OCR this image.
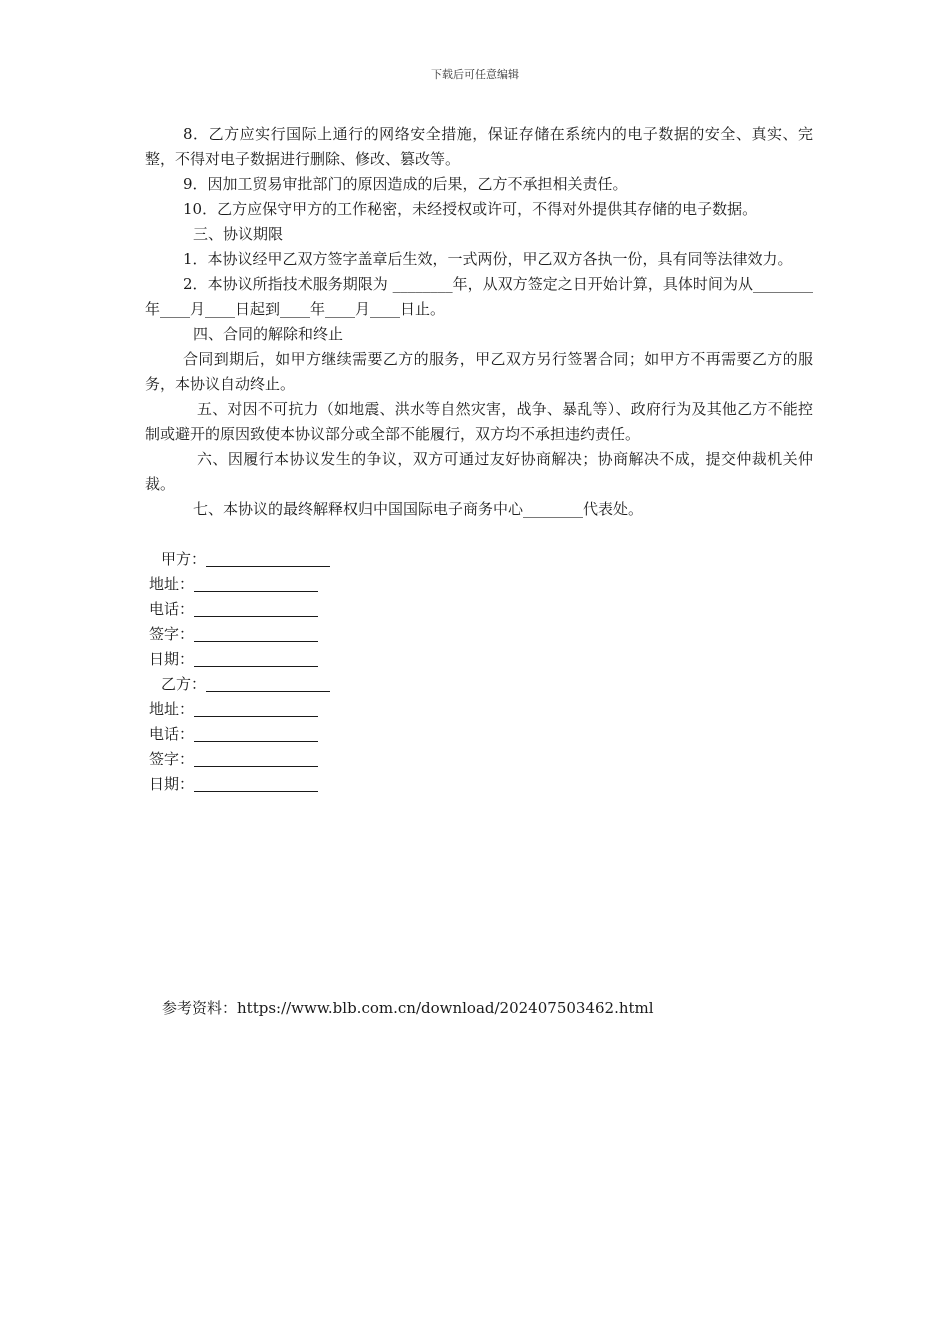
下载后可任意编辑

8．乙方应实行国际上通行的网络安全措施，保证存储在系统内的电子数据的安全、真实、完整，不得对电子数据进行删除、修改、篡改等。

9．因加工贸易审批部门的原因造成的后果，乙方不承担相关责任。

10．乙方应保守甲方的工作秘密，未经授权或许可，不得对外提供其存储的电子数据。

三、协议期限

1．本协议经甲乙双方签字盖章后生效，一式两份，甲乙双方各执一份，具有同等法律效力。

2．本协议所指技术服务期限为 ________年，从双方签定之日开始计算，具体时间为从________年____月____日起到____年____月____日止。

四、合同的解除和终止

合同到期后，如甲方继续需要乙方的服务，甲乙双方另行签署合同；如甲方不再需要乙方的服务，本协议自动终止。

五、对因不可抗力（如地震、洪水等自然灾害，战争、暴乱等）、政府行为及其他乙方不能控制或避开的原因致使本协议部分或全部不能履行，双方均不承担违约责任。

六、因履行本协议发生的争议，双方可通过友好协商解决；协商解决不成，提交仲裁机关仲裁。

七、本协议的最终解释权归中国国际电子商务中心________代表处。

甲方：
地址：
电话：
签字：
日期：
乙方：
地址：
电话：
签字：
日期：
参考资料：https://www.blb.com.cn/download/202407503462.html
